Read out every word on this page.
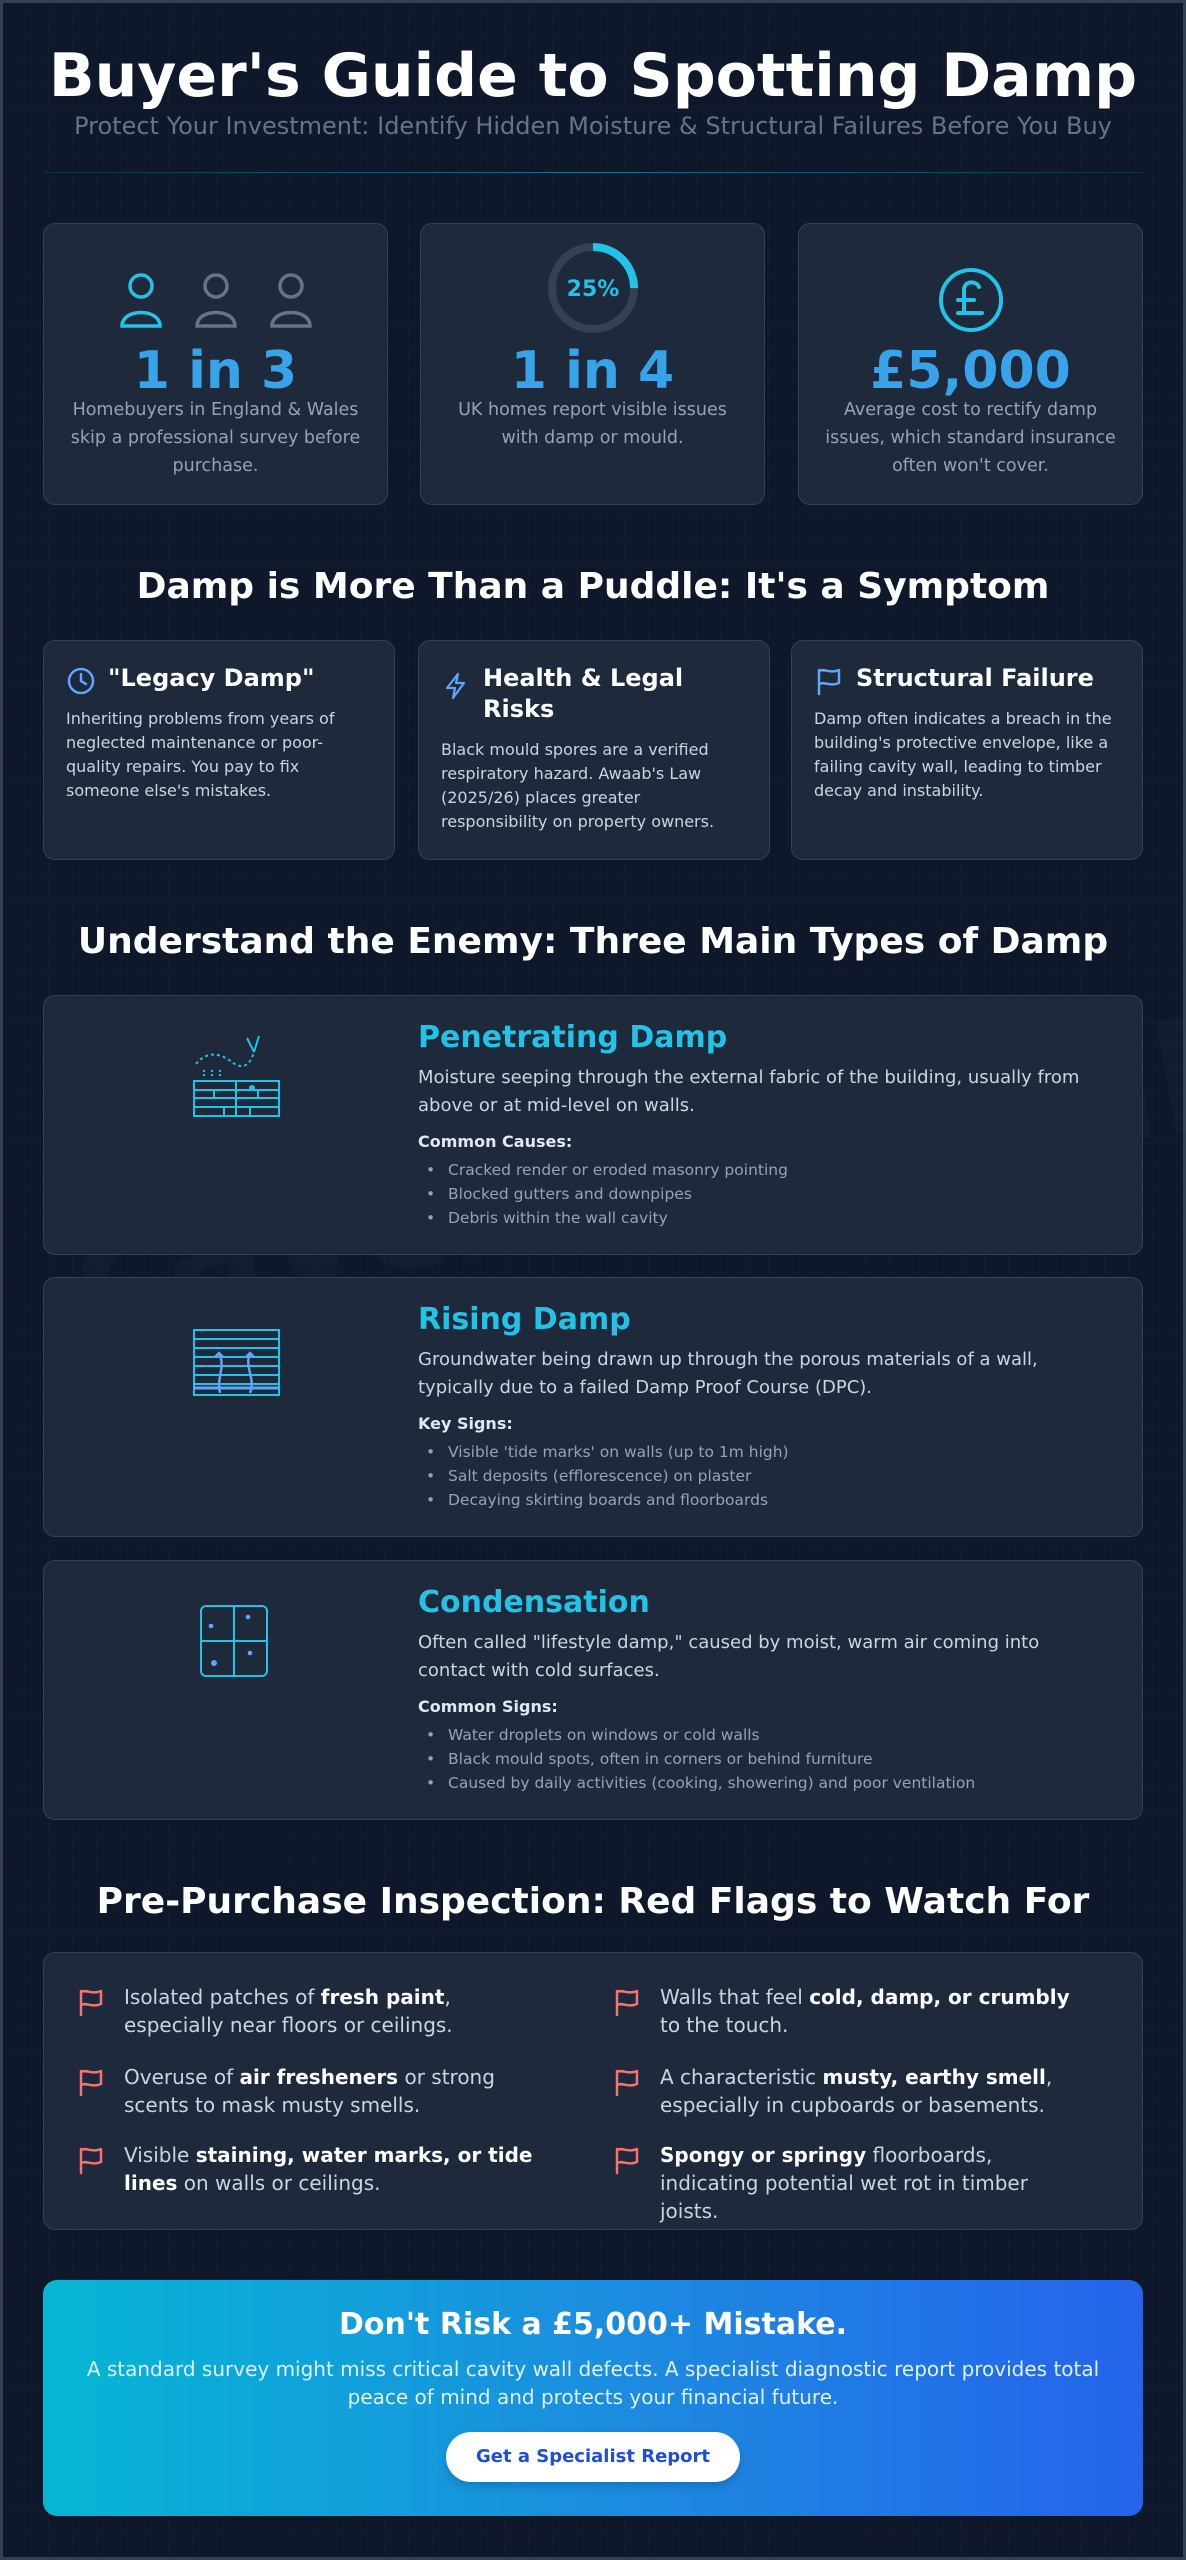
Buyer's Guide to Spotting Damp
Protect Your Investment: Identify Hidden Moisture & Structural Failures Before You Buy
1 in 3
Homebuyers in England & Wales skip a professional survey before purchase.
25%
1 in 4
UK homes report visible issues with damp or mould.
£5,000
Average cost to rectify damp issues, which standard insurance often won't cover.
Damp is More Than a Puddle: It's a Symptom
"Legacy Damp"
Inheriting problems from years of neglected maintenance or poor-quality repairs. You pay to fix someone else's mistakes.
Health & Legal Risks
Black mould spores are a verified respiratory hazard. Awaab's Law (2025/26) places greater responsibility on property owners.
Structural Failure
Damp often indicates a breach in the building's protective envelope, like a failing cavity wall, leading to timber decay and instability.
Understand the Enemy: Three Main Types of Damp
Penetrating Damp
Moisture seeping through the external fabric of the building, usually from above or at mid-level on walls.
Common Causes:
• Cracked render or eroded masonry pointing
• Blocked gutters and downpipes
• Debris within the wall cavity
Rising Damp
Groundwater being drawn up through the porous materials of a wall, typically due to a failed Damp Proof Course (DPC).
Key Signs:
• Visible 'tide marks' on walls (up to 1m high)
• Salt deposits (efflorescence) on plaster
• Decaying skirting boards and floorboards
Condensation
Often called "lifestyle damp," caused by moist, warm air coming into contact with cold surfaces.
Common Signs:
• Water droplets on windows or cold walls
• Black mould spots, often in corners or behind furniture
• Caused by daily activities (cooking, showering) and poor ventilation
Pre-Purchase Inspection: Red Flags to Watch For
Isolated patches of fresh paint, especially near floors or ceilings.
Walls that feel cold, damp, or crumbly to the touch.
Overuse of air fresheners or strong scents to mask musty smells.
A characteristic musty, earthy smell, especially in cupboards or basements.
Visible staining, water marks, or tide lines on walls or ceilings.
Spongy or springy floorboards, indicating potential wet rot in timber joists.
Don't Risk a £5,000+ Mistake.
A standard survey might miss critical cavity wall defects. A specialist diagnostic report provides total peace of mind and protects your financial future.
Get a Specialist Report
